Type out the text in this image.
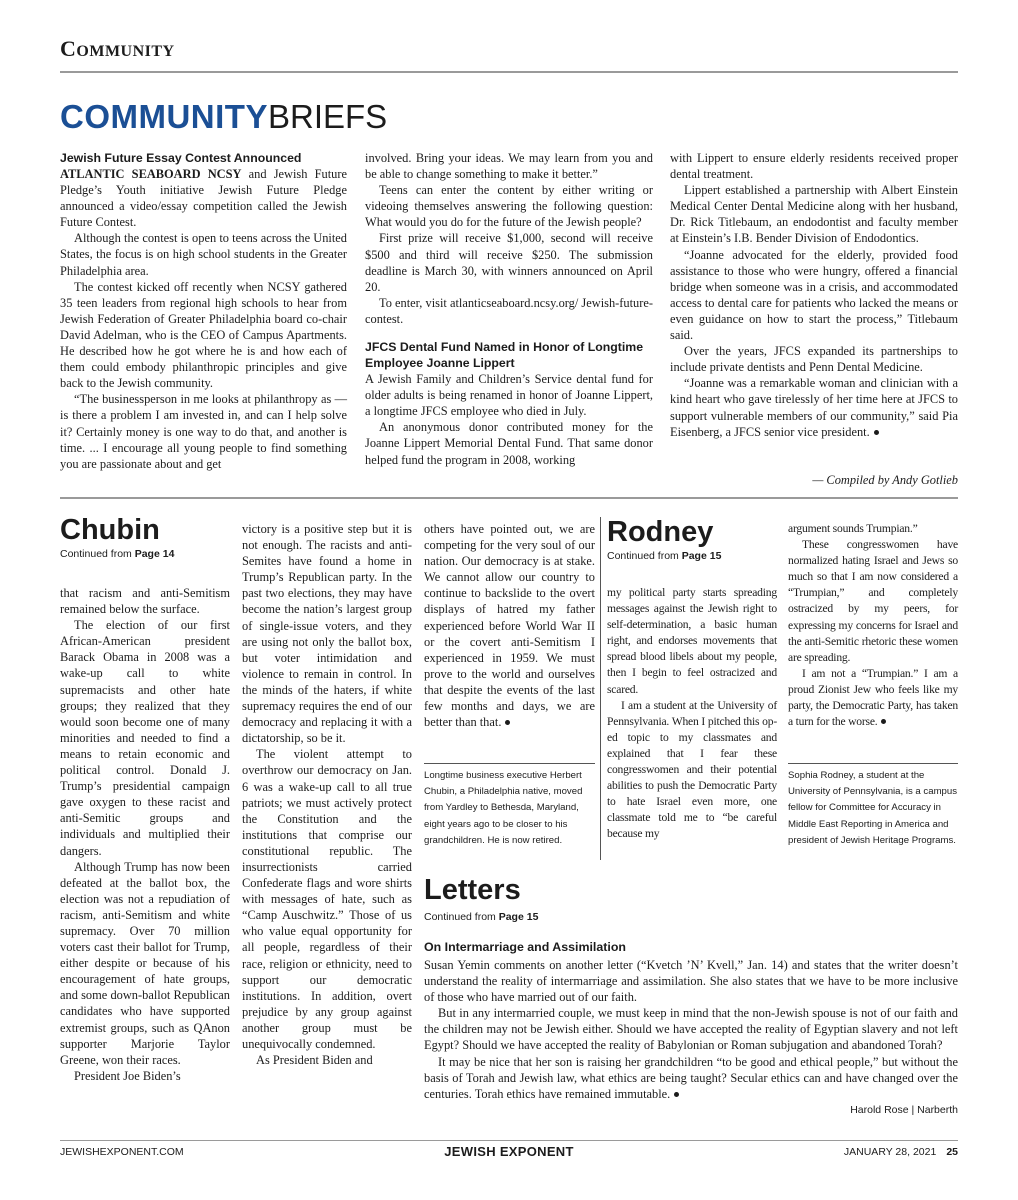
COMMUNITY
COMMUNITYBRIEFS
Jewish Future Essay Contest Announced

ATLANTIC SEABOARD NCSY and Jewish Future Pledge’s Youth initiative Jewish Future Pledge announced a video/essay competition called the Jewish Future Contest.

Although the contest is open to teens across the United States, the focus is on high school students in the Greater Philadelphia area.

The contest kicked off recently when NCSY gathered 35 teen leaders from regional high schools to hear from Jewish Federation of Greater Philadelphia board co-chair David Adelman, who is the CEO of Campus Apartments. He described how he got where he is and how each of them could embody philanthropic principles and give back to the Jewish community.

“The businessperson in me looks at philanthropy as — is there a problem I am invested in, and can I help solve it? Certainly money is one way to do that, and another is time. ... I encourage all young people to find something you are passionate about and get

involved. Bring your ideas. We may learn from you and be able to change something to make it better.”

Teens can enter the content by either writing or videoing themselves answering the following question: What would you do for the future of the Jewish people?

First prize will receive $1,000, second will receive $500 and third will receive $250. The submission deadline is March 30, with winners announced on April 20.

To enter, visit atlanticseaboard.ncsy.org/ Jewish-future-contest.

JFCS Dental Fund Named in Honor of Longtime Employee Joanne Lippert

A Jewish Family and Children’s Service dental fund for older adults is being renamed in honor of Joanne Lippert, a longtime JFCS employee who died in July.

An anonymous donor contributed money for the Joanne Lippert Memorial Dental Fund. That same donor helped fund the program in 2008, working

with Lippert to ensure elderly residents received proper dental treatment.

Lippert established a partnership with Albert Einstein Medical Center Dental Medicine along with her husband, Dr. Rick Titlebaum, an endodontist and faculty member at Einstein’s I.B. Bender Division of Endodontics.

“Joanne advocated for the elderly, provided food assistance to those who were hungry, offered a financial bridge when someone was in a crisis, and accommodated access to dental care for patients who lacked the means or even guidance on how to start the process,” Titlebaum said.

Over the years, JFCS expanded its partnerships to include private dentists and Penn Dental Medicine.

“Joanne was a remarkable woman and clinician with a kind heart who gave tirelessly of her time here at JFCS to support vulnerable members of our community,” said Pia Eisenberg, a JFCS senior vice president.

— Compiled by Andy Gotlieb
Chubin
Continued from Page 14

that racism and anti-Semitism remained below the surface.

The election of our first African-American president Barack Obama in 2008 was a wake-up call to white supremacists and other hate groups; they realized that they would soon become one of many minorities and needed to find a means to retain economic and political control. Donald J. Trump’s presidential campaign gave oxygen to these racist and anti-Semitic groups and individuals and multiplied their dangers.

Although Trump has now been defeated at the ballot box, the election was not a repudiation of racism, anti-Semitism and white supremacy. Over 70 million voters cast their ballot for Trump, either despite or because of his encouragement of hate groups, and some down-ballot Republican candidates who have supported extremist groups, such as QAnon supporter Marjorie Taylor Greene, won their races.

President Joe Biden’s

victory is a positive step but it is not enough. The racists and anti-Semites have found a home in Trump’s Republican party. In the past two elections, they may have become the nation’s largest group of single-issue voters, and they are using not only the ballot box, but voter intimidation and violence to remain in control. In the minds of the haters, if white supremacy requires the end of our democracy and replacing it with a dictatorship, so be it.

The violent attempt to overthrow our democracy on Jan. 6 was a wake-up call to all true patriots; we must actively protect the Constitution and the institutions that comprise our constitutional republic. The insurrectionists carried Confederate flags and wore shirts with messages of hate, such as “Camp Auschwitz.” Those of us who value equal opportunity for all people, regardless of their race, religion or ethnicity, need to support our democratic institutions. In addition, overt prejudice by any group against another group must be unequivocally condemned.

As President Biden and

others have pointed out, we are competing for the very soul of our nation. Our democracy is at stake. We cannot allow our country to continue to backslide to the overt displays of hatred my father experienced before World War II or the covert anti-Semitism I experienced in 1959. We must prove to the world and ourselves that despite the events of the last few months and days, we are better than that.

Longtime business executive Herbert Chubin, a Philadelphia native, moved from Yardley to Bethesda, Maryland, eight years ago to be closer to his grandchildren. He is now retired.
Rodney
Continued from Page 15

my political party starts spreading messages against the Jewish right to self-determination, a basic human right, and endorses movements that spread blood libels about my people, then I begin to feel ostracized and scared.

I am a student at the University of Pennsylvania. When I pitched this op-ed topic to my classmates and explained that I fear these congresswomen and their potential abilities to push the Democratic Party to hate Israel even more, one classmate told me to “be careful because my

argument sounds Trumpian.”

These congresswomen have normalized hating Israel and Jews so much so that I am now considered a “Trumpian,” and completely ostracized by my peers, for expressing my concerns for Israel and the anti-Semitic rhetoric these women are spreading.

I am not a “Trumpian.” I am a proud Zionist Jew who feels like my party, the Democratic Party, has taken a turn for the worse.

Sophia Rodney, a student at the University of Pennsylvania, is a campus fellow for Committee for Accuracy in Middle East Reporting in America and president of Jewish Heritage Programs.
Letters
Continued from Page 15
On Intermarriage and Assimilation

Susan Yemin comments on another letter (“Kvetch ’N’ Kvell,” Jan. 14) and states that the writer doesn’t understand the reality of intermarriage and assimilation. She also states that we have to be more inclusive of those who have married out of our faith.

But in any intermarried couple, we must keep in mind that the non-Jewish spouse is not of our faith and the children may not be Jewish either. Should we have accepted the reality of Egyptian slavery and not left Egypt? Should we have accepted the reality of Babylonian or Roman subjugation and abandoned Torah?

It may be nice that her son is raising her grandchildren “to be good and ethical people,” but without the basis of Torah and Jewish law, what ethics are being taught? Secular ethics can and have changed over the centuries. Torah ethics have remained immutable.

Harold Rose | Narberth
JEWISHEXPONENT.COM	JEWISH EXPONENT	JANUARY 28, 2021 25
